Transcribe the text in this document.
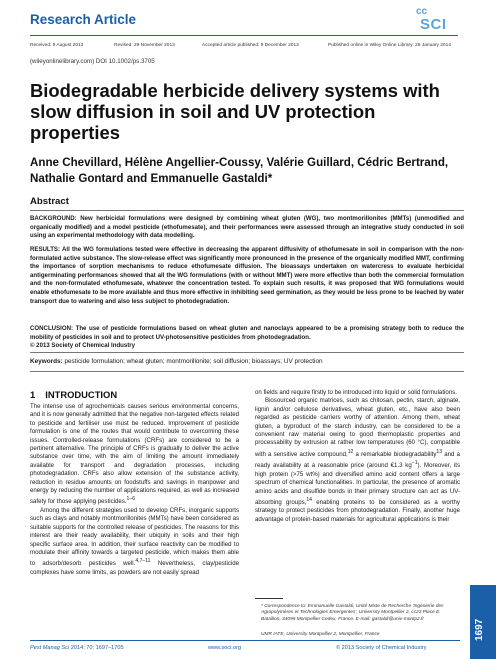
Research Article
cc
SCI
Received: 5 August 2013	Revised: 29 November 2013	Accepted article published: 9 December 2013	Published online in Wiley Online Library: 28 January 2014
(wileyonlinelibrary.com) DOI 10.1002/ps.3705
Biodegradable herbicide delivery systems with slow diffusion in soil and UV protection properties
Anne Chevillard, Hélène Angellier-Coussy, Valérie Guillard, Cédric Bertrand, Nathalie Gontard and Emmanuelle Gastaldi*
Abstract
BACKGROUND: New herbicidal formulations were designed by combining wheat gluten (WG), two montmorillonites (MMTs) (unmodified and organically modified) and a model pesticide (ethofumesate), and their performances were assessed through an integrative study conducted in soil using an experimental methodology with data modelling.
RESULTS: All the WG formulations tested were effective in decreasing the apparent diffusivity of ethofumesate in soil in comparison with the non-formulated active substance. The slow-release effect was significantly more pronounced in the presence of the organically modified MMT, confirming the importance of sorption mechanisms to reduce ethofumesate diffusion. The bioassays undertaken on watercress to evaluate herbicidal antigerminating performances showed that all the WG formulations (with or without MMT) were more effective than both the commercial formulation and the non-formulated ethofumesate, whatever the concentration tested. To explain such results, it was proposed that WG formulations would enable ethofumesate to be more available and thus more effective in inhibiting seed germination, as they would be less prone to be leached by water transport due to watering and also less subject to photodegradation.
CONCLUSION: The use of pesticide formulations based on wheat gluten and nanoclays appeared to be a promising strategy both to reduce the mobility of pesticides in soil and to protect UV-photosensitive pesticides from photodegradation.
© 2013 Society of Chemical Industry
Keywords: pesticide formulation; wheat gluten; montmorillonite; soil diffusion; bioassays; UV protection
1 INTRODUCTION

The intense use of agrochemicals causes serious environmental concerns, and it is now generally admitted that the negative non-targeted effects related to pesticide and fertiliser use must be reduced. Improvement of pesticide formulation is one of the routes that would contribute to overcoming these issues. Controlled-release formulations (CRFs) are considered to be a pertinent alternative. The principle of CRFs is gradually to deliver the active substance over time, with the aim of limiting the amount immediately available for transport and degradation processes, including photodegradation. CRFs also allow extension of the substance activity, reduction in residue amounts on foodstuffs and savings in manpower and energy by reducing the number of applications required, as well as increased safety for those applying pesticides.$^{1-6}$

Among the different strategies used to develop CRFs, inorganic supports such as clays and notably montmorillonites (MMTs) have been considered as suitable supports for the controlled release of pesticides. The reasons for this interest are their ready availability, their ubiquity in soils and their high specific surface area. In addition, their surface reactivity can be modified to modulate their affinity towards a targeted pesticide, which makes them able to adsorb/desorb pesticides well.$^{4,7-11}$ Nevertheless, clay/pesticide complexes have some limits, as powders are not easily spread

on fields and require firstly to be introduced into liquid or solid formulations.

Biosourced organic matrices, such as chitosan, pectin, starch, alginate, lignin and/or cellulose derivatives, wheat gluten, etc., have also been regarded as pesticide carriers worthy of attention. Among them, wheat gluten, a byproduct of the starch industry, can be considered to be a convenient raw material owing to good thermoplastic properties and processability by extrusion at rather low temperatures (60 °C), compatible with a sensitive active compound,$^{12}$ a remarkable biodegradability$^{13}$ and a ready availability at a reasonable price (around €1.3 $kg^{-1}$). Moreover, its high protein (>75 wt%) and diversified amino acid content offers a large spectrum of chemical functionalities. In particular, the presence of aromatic amino acids and disulfide bonds in their primary structure can act as UV-absorbing groups,$^{14}$ enabling proteins to be considered as a worthy strategy to protect pesticides from photodegradation. Finally, another huge advantage of protein-based materials for agricultural applications is their

* Correspondence to: Emmanuelle Gastaldi, Unité Mixte de Recherche 'Ingénierie des Agropolymères et Technologies Emergentes', University Montpellier 2, cc23 Place E. Bataillon, 34095 Montpellier Cedex, France. E-mail: gastaldi@univ-montp2.fr
UMR IATE, University Montpellier 2, Montpellier, France
Pest Manag Sci 2014; 70: 1697–1705	www.soci.org	© 2013 Society of Chemical Industry
1697
